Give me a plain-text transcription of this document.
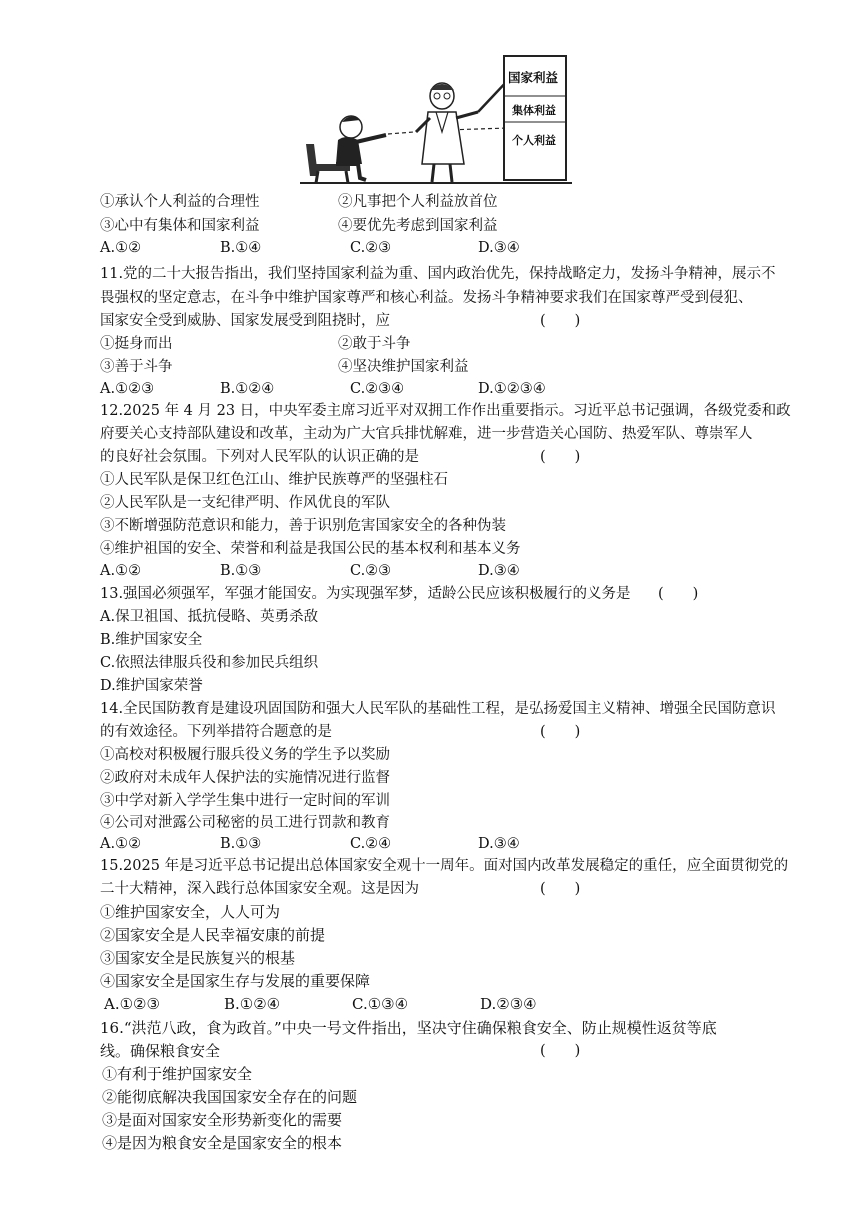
国家利益
集体利益
个人利益
①承认个人利益的合理性	②凡事把个人利益放首位
③心中有集体和国家利益	④要优先考虑到国家利益
A.①②	B.①④	C.②③	D.③④
11.党的二十大报告指出，我们坚持国家利益为重、国内政治优先，保持战略定力，发扬斗争精神，展示不
畏强权的坚定意志，在斗争中维护国家尊严和核心利益。发扬斗争精神要求我们在国家尊严受到侵犯、
国家安全受到威胁、国家发展受到阻挠时，应	(　　)
①挺身而出	②敢于斗争
③善于斗争	④坚决维护国家利益
A.①②③	B.①②④	C.②③④	D.①②③④
12.2025 年 4 月 23 日，中央军委主席习近平对双拥工作作出重要指示。习近平总书记强调，各级党委和政
府要关心支持部队建设和改革，主动为广大官兵排忧解难，进一步营造关心国防、热爱军队、尊崇军人
的良好社会氛围。下列对人民军队的认识正确的是	(　　)
①人民军队是保卫红色江山、维护民族尊严的坚强柱石
②人民军队是一支纪律严明、作风优良的军队
③不断增强防范意识和能力，善于识别危害国家安全的各种伪装
④维护祖国的安全、荣誉和利益是我国公民的基本权利和基本义务
A.①②	B.①③	C.②③	D.③④
13.强国必须强军，军强才能国安。为实现强军梦，适龄公民应该积极履行的义务是 (　　)
A.保卫祖国、抵抗侵略、英勇杀敌
B.维护国家安全
C.依照法律服兵役和参加民兵组织
D.维护国家荣誉
14.全民国防教育是建设巩固国防和强大人民军队的基础性工程，是弘扬爱国主义精神、增强全民国防意识
的有效途径。下列举措符合题意的是	(　　)
①高校对积极履行服兵役义务的学生予以奖励
②政府对未成年人保护法的实施情况进行监督
③中学对新入学学生集中进行一定时间的军训
④公司对泄露公司秘密的员工进行罚款和教育
A.①②	B.①③	C.②④	D.③④
15.2025 年是习近平总书记提出总体国家安全观十一周年。面对国内改革发展稳定的重任，应全面贯彻党的
二十大精神，深入践行总体国家安全观。这是因为	(　　)
①维护国家安全，人人可为
②国家安全是人民幸福安康的前提
③国家安全是民族复兴的根基
④国家安全是国家生存与发展的重要保障
A.①②③	B.①②④	C.①③④	D.②③④
16.“洪范八政，食为政首。”中央一号文件指出，坚决守住确保粮食安全、防止规模性返贫等底
线。确保粮食安全	(　　)
①有利于维护国家安全
②能彻底解决我国国家安全存在的问题
③是面对国家安全形势新变化的需要
④是因为粮食安全是国家安全的根本
